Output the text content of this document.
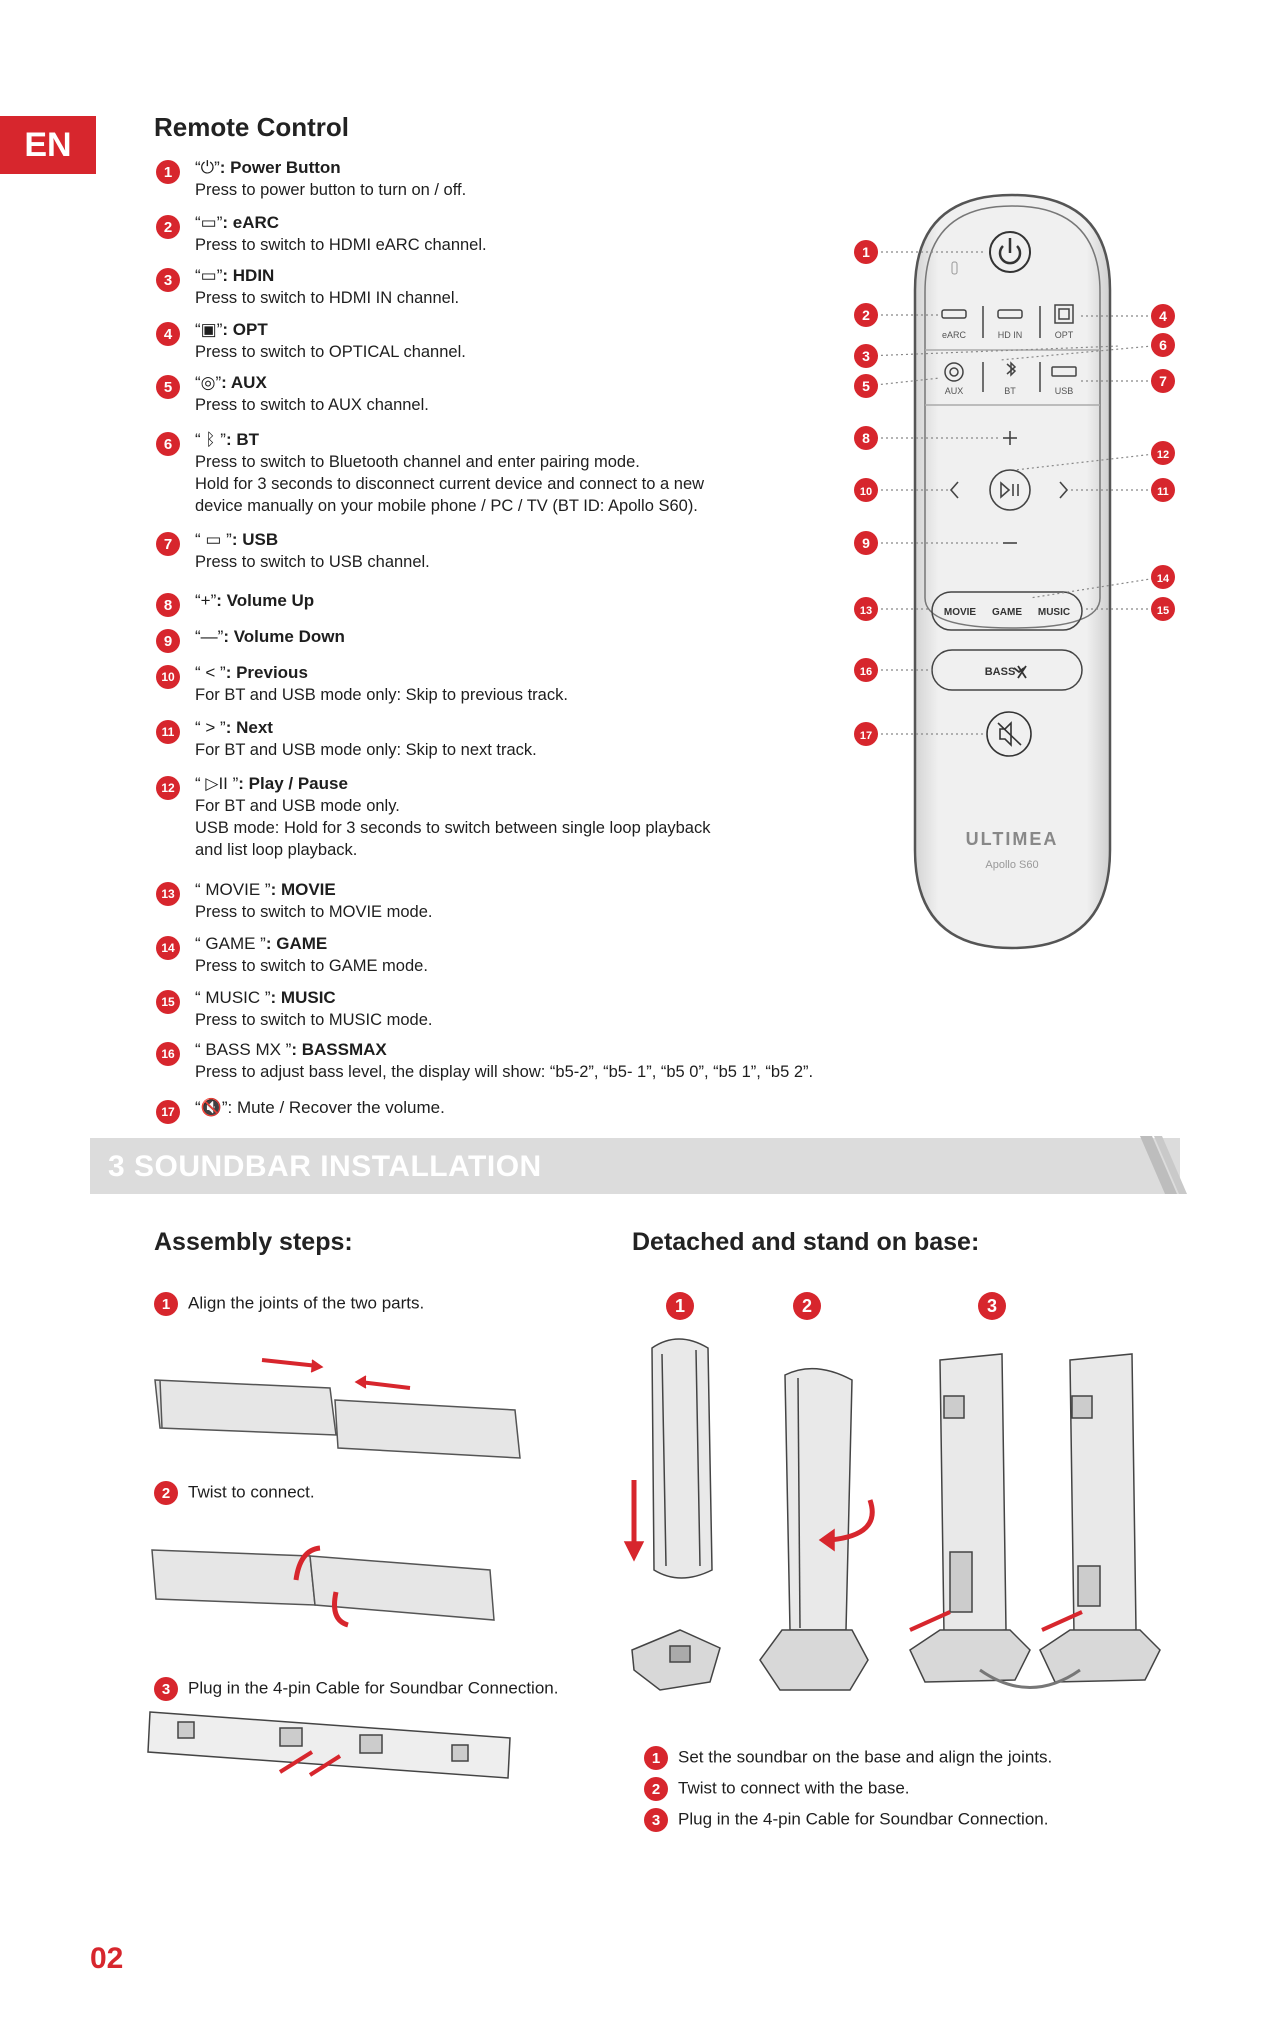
EN	Remote Control
1	“⏻”: Power Button
Press to power button to turn on / off.
2	“▭”: eARC
Press to switch to HDMI eARC channel.
3	“▭”: HDIN
Press to switch to HDMI IN channel.
4	“▣”: OPT
Press to switch to OPTICAL channel.
5	“◎”: AUX
Press to switch to AUX channel.
6	“ ᛒ ”: BT
Press to switch to Bluetooth channel and enter pairing mode.
Hold for 3 seconds to disconnect current device and connect to a new
device manually on your mobile phone / PC / TV (BT ID: Apollo S60).
7	“ ▭ ”: USB
Press to switch to USB channel.
8	“+”: Volume Up
9	“—”: Volume Down
10	“ < ”: Previous
For BT and USB mode only: Skip to previous track.
11	“ > ”: Next
For BT and USB mode only: Skip to next track.
12	“ ▷II ”: Play / Pause
For BT and USB mode only.
USB mode: Hold for 3 seconds to switch between single loop playback
and list loop playback.
13	“ MOVIE ”: MOVIE
Press to switch to MOVIE mode.
14	“ GAME ”: GAME
Press to switch to GAME mode.
15	“ MUSIC ”: MUSIC
Press to switch to MUSIC mode.
16	“ BASS MX ”: BASSMAX
Press to adjust bass level, the display will show: “b5-2”, “b5- 1”, “b5 0”, “b5 1”, “b5 2”.
17	“🔇”: Mute / Recover the volume.
eARC	HD IN	OPT
AUX	BT	USB
MOVIE GAME MUSIC
BASS
ULTIMEA
Apollo S60
1
2
3
4
5
6
7
8
9
10	11
12
13
14
15
16
17
3 SOUNDBAR INSTALLATION
Assembly steps:	Detached and stand on base:
1 Align the joints of the two parts.
2 Twist to connect.
3 Plug in the 4-pin Cable for Soundbar Connection.
1	2	3
1 Set the soundbar on the base and align the joints.
2 Twist to connect with the base.
3 Plug in the 4-pin Cable for Soundbar Connection.
02
